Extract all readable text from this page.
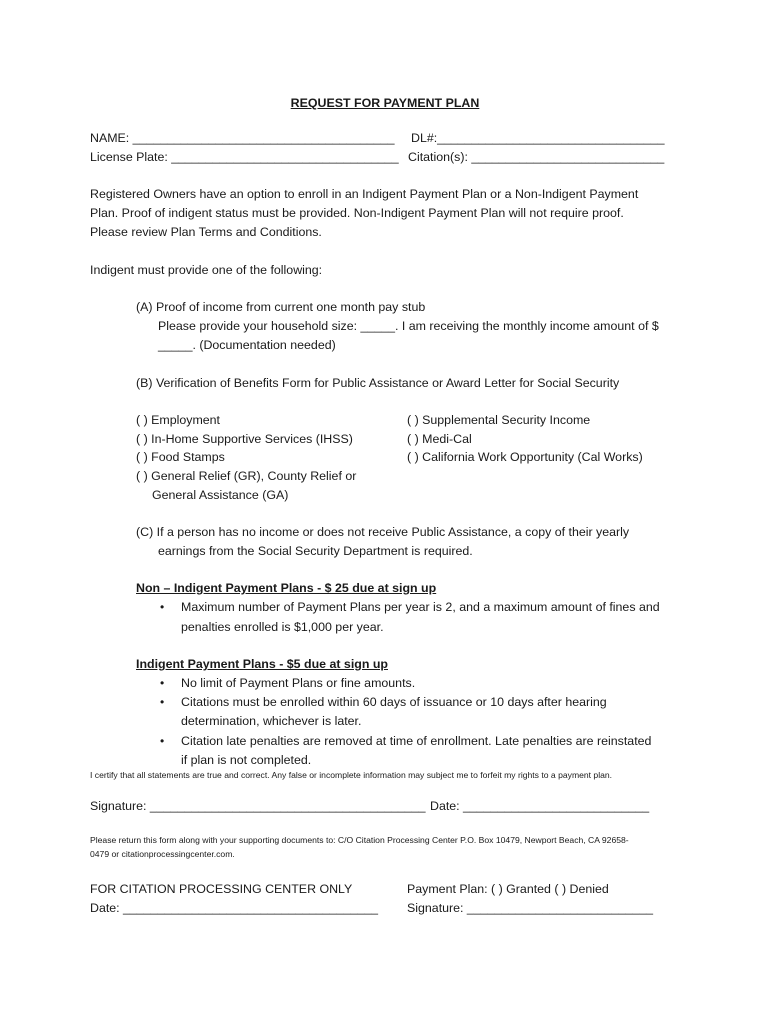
REQUEST FOR PAYMENT PLAN
NAME: ______________________________________ DL#:_________________________________
License Plate: _________________________________ Citation(s): ____________________________
Registered Owners have an option to enroll in an Indigent Payment Plan or a Non-Indigent Payment
Plan. Proof of indigent status must be provided. Non-Indigent Payment Plan will not require proof.
Please review Plan Terms and Conditions.
Indigent must provide one of the following:
(A) Proof of income from current one month pay stub
Please provide your household size: _____. I am receiving the monthly income amount of $
_____. (Documentation needed)
(B) Verification of Benefits Form for Public Assistance or Award Letter for Social Security
( ) Employment
( ) In-Home Supportive Services (IHSS)
( ) Food Stamps
( ) General Relief (GR), County Relief or
General Assistance (GA)
( ) Supplemental Security Income
( ) Medi-Cal
( ) California Work Opportunity (Cal Works)
(C) If a person has no income or does not receive Public Assistance, a copy of their yearly
earnings from the Social Security Department is required.
Non – Indigent Payment Plans - $ 25 due at sign up
• Maximum number of Payment Plans per year is 2, and a maximum amount of fines and
penalties enrolled is $1,000 per year.
Indigent Payment Plans - $5 due at sign up
• No limit of Payment Plans or fine amounts.
• Citations must be enrolled within 60 days of issuance or 10 days after hearing
determination, whichever is later.
• Citation late penalties are removed at time of enrollment. Late penalties are reinstated
if plan is not completed.
I certify that all statements are true and correct. Any false or incomplete information may subject me to forfeit my rights to a payment plan.
Signature: ________________________________________ Date: ___________________________
Please return this form along with your supporting documents to: C/O Citation Processing Center P.O. Box 10479, Newport Beach, CA 92658-
0479 or citationprocessingcenter.com.
FOR CITATION PROCESSING CENTER ONLY
Date: _____________________________________
Payment Plan: ( ) Granted ( ) Denied
Signature: ___________________________
